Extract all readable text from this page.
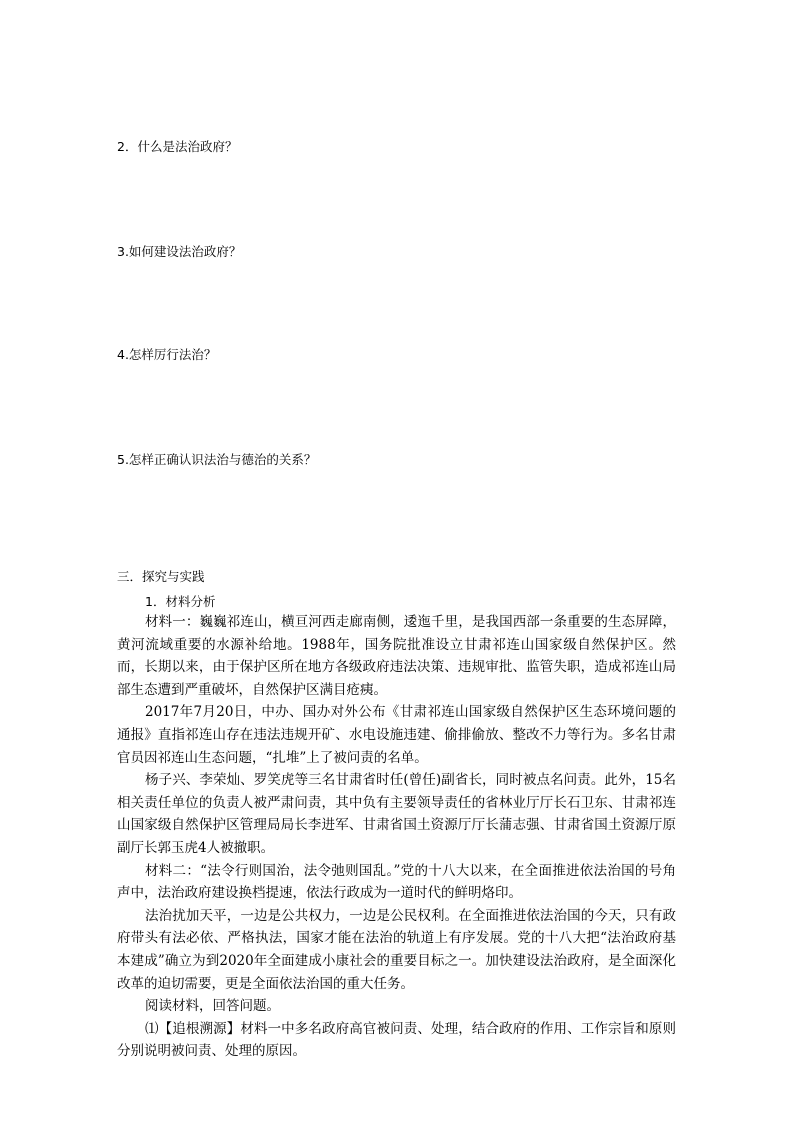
2．什么是法治政府？
3.如何建设法治政府？
4.怎样厉行法治？
5.怎样正确认识法治与德治的关系？
三．探究与实践
1．材料分析

材料一：巍巍祁连山，横亘河西走廊南侧，逶迤千里，是我国西部一条重要的生态屏障，黄河流域重要的水源补给地。1988年，国务院批准设立甘肃祁连山国家级自然保护区。然而，长期以来，由于保护区所在地方各级政府违法决策、违规审批、监管失职，造成祁连山局部生态遭到严重破坏，自然保护区满目疮痍。

2017年7月20日，中办、国办对外公布《甘肃祁连山国家级自然保护区生态环境问题的通报》直指祁连山存在违法违规开矿、水电设施违建、偷排偷放、整改不力等行为。多名甘肃官员因祁连山生态问题，“扎堆”上了被问责的名单。

杨子兴、李荣灿、罗笑虎等三名甘肃省时任(曾任)副省长，同时被点名问责。此外，15名相关责任单位的负责人被严肃问责，其中负有主要领导责任的省林业厅厅长石卫东、甘肃祁连山国家级自然保护区管理局局长李进军、甘肃省国土资源厅厅长蒲志强、甘肃省国土资源厅原副厅长郭玉虎4人被撤职。

材料二：“法令行则国治，法令弛则国乱。”党的十八大以来，在全面推进依法治国的号角声中，法治政府建设换档提速，依法行政成为一道时代的鲜明烙印。

法治扰加天平，一边是公共权力，一边是公民权利。在全面推进依法治国的今天，只有政府带头有法必依、严格执法，国家才能在法治的轨道上有序发展。党的十八大把“法治政府基本建成”确立为到2020年全面建成小康社会的重要目标之一。加快建设法治政府，是全面深化改革的迫切需要，更是全面依法治国的重大任务。

阅读材料，回答问题。

⑴【追根溯源】材料一中多名政府高官被问责、处理，结合政府的作用、工作宗旨和原则分别说明被问责、处理的原因。
